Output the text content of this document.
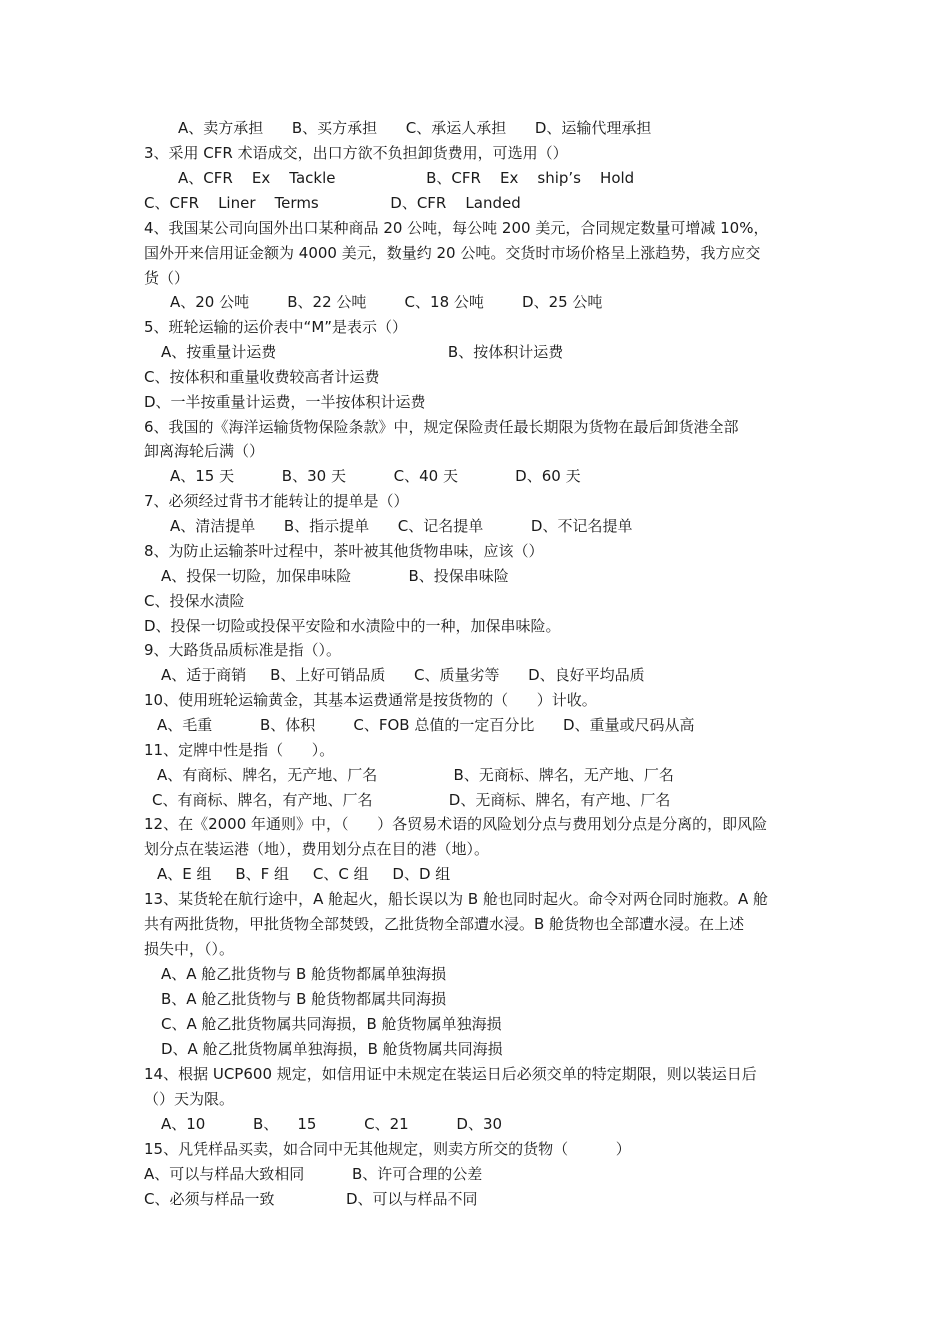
A、卖方承担      B、买方承担      C、承运人承担      D、运输代理承担
3、采用 CFR 术语成交，出口方欲不负担卸货费用，可选用（）
A、CFR    Ex    Tackle                   B、CFR    Ex    ship’s    Hold
C、CFR    Liner    Terms               D、CFR    Landed
4、我国某公司向国外出口某种商品 20 公吨，每公吨 200 美元，合同规定数量可增减 10%，
国外开来信用证金额为 4000 美元，数量约 20 公吨。交货时市场价格呈上涨趋势，我方应交
货（）
A、20 公吨        B、22 公吨        C、18 公吨        D、25 公吨
5、班轮运输的运价表中“M”是表示（）
A、按重量计运费                                    B、按体积计运费
C、按体积和重量收费较高者计运费
D、一半按重量计运费，一半按体积计运费
6、我国的《海洋运输货物保险条款》中，规定保险责任最长期限为货物在最后卸货港全部
卸离海轮后满（）
A、15 天          B、30 天          C、40 天            D、60 天
7、必须经过背书才能转让的提单是（）
A、清洁提单      B、指示提单      C、记名提单          D、不记名提单
8、为防止运输茶叶过程中，茶叶被其他货物串味，应该（）
A、投保一切险，加保串味险            B、投保串味险
C、投保水渍险
D、投保一切险或投保平安险和水渍险中的一种，加保串味险。
9、大路货品质标准是指（）。
A、适于商销     B、上好可销品质      C、质量劣等      D、良好平均品质
10、使用班轮运输黄金，其基本运费通常是按货物的（      ）计收。
A、毛重          B、体积        C、FOB 总值的一定百分比      D、重量或尺码从高
11、定牌中性是指（      ）。
A、有商标、牌名，无产地、厂名                B、无商标、牌名，无产地、厂名
C、有商标、牌名，有产地、厂名                D、无商标、牌名，有产地、厂名
12、在《2000 年通则》中，（      ）各贸易术语的风险划分点与费用划分点是分离的，即风险
划分点在装运港（地），费用划分点在目的港（地）。
A、E 组     B、F 组     C、C 组     D、D 组
13、某货轮在航行途中，A 舱起火，船长误以为 B 舱也同时起火。命令对两仓同时施救。A 舱
共有两批货物，甲批货物全部焚毁，乙批货物全部遭水浸。B 舱货物也全部遭水浸。在上述
损失中，（）。
A、A 舱乙批货物与 B 舱货物都属单独海损
B、A 舱乙批货物与 B 舱货物都属共同海损
C、A 舱乙批货物属共同海损，B 舱货物属单独海损
D、A 舱乙批货物属单独海损，B 舱货物属共同海损
14、根据 UCP600 规定，如信用证中未规定在装运日后必须交单的特定期限，则以装运日后
（）天为限。
A、10          B、    15          C、21          D、30
15、凡凭样品买卖，如合同中无其他规定，则卖方所交的货物（          ）
A、可以与样品大致相同          B、许可合理的公差
C、必须与样品一致               D、可以与样品不同
